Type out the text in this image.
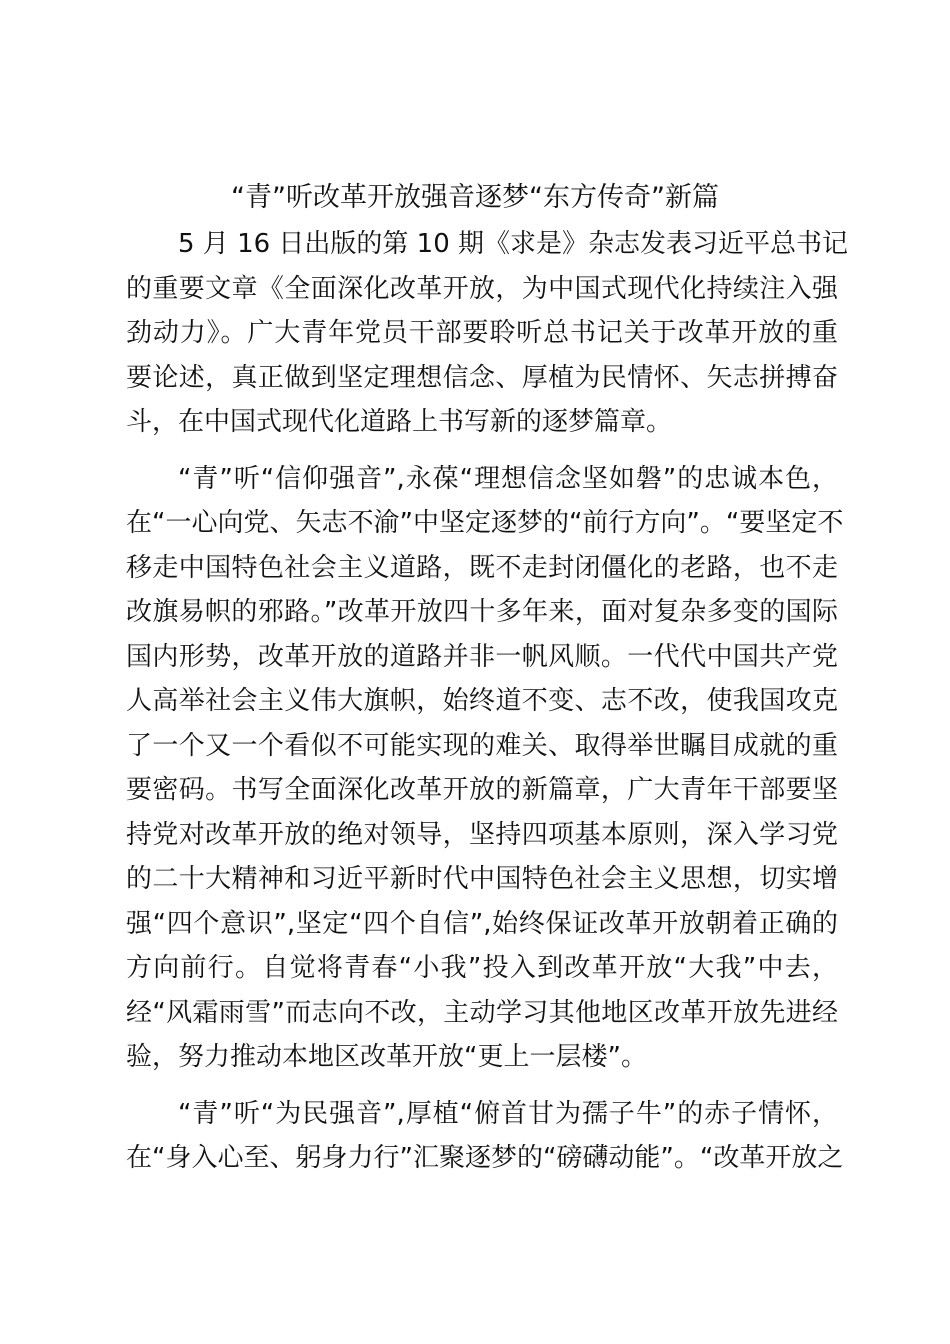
“青”听改革开放强音逐梦“东方传奇”新篇
5 月 16 日出版的第 10 期《求是》杂志发表习近平总书记
的重要文章《全面深化改革开放，为中国式现代化持续注入强
劲动力》。广大青年党员干部要聆听总书记关于改革开放的重
要论述，真正做到坚定理想信念、厚植为民情怀、矢志拼搏奋
斗，在中国式现代化道路上书写新的逐梦篇章。
“青”听“信仰强音”,永葆“理想信念坚如磐”的忠诚本色，
在“一心向党、矢志不渝”中坚定逐梦的“前行方向”。“要坚定不
移走中国特色社会主义道路，既不走封闭僵化的老路，也不走
改旗易帜的邪路。”改革开放四十多年来，面对复杂多变的国际
国内形势，改革开放的道路并非一帆风顺。一代代中国共产党
人高举社会主义伟大旗帜，始终道不变、志不改，使我国攻克
了一个又一个看似不可能实现的难关、取得举世瞩目成就的重
要密码。书写全面深化改革开放的新篇章，广大青年干部要坚
持党对改革开放的绝对领导，坚持四项基本原则，深入学习党
的二十大精神和习近平新时代中国特色社会主义思想，切实增
强“四个意识”,坚定“四个自信”,始终保证改革开放朝着正确的
方向前行。自觉将青春“小我”投入到改革开放“大我”中去，
经“风霜雨雪”而志向不改，主动学习其他地区改革开放先进经
验，努力推动本地区改革开放“更上一层楼”。
“青”听“为民强音”,厚植“俯首甘为孺子牛”的赤子情怀，
在“身入心至、躬身力行”汇聚逐梦的“磅礴动能”。“改革开放之
